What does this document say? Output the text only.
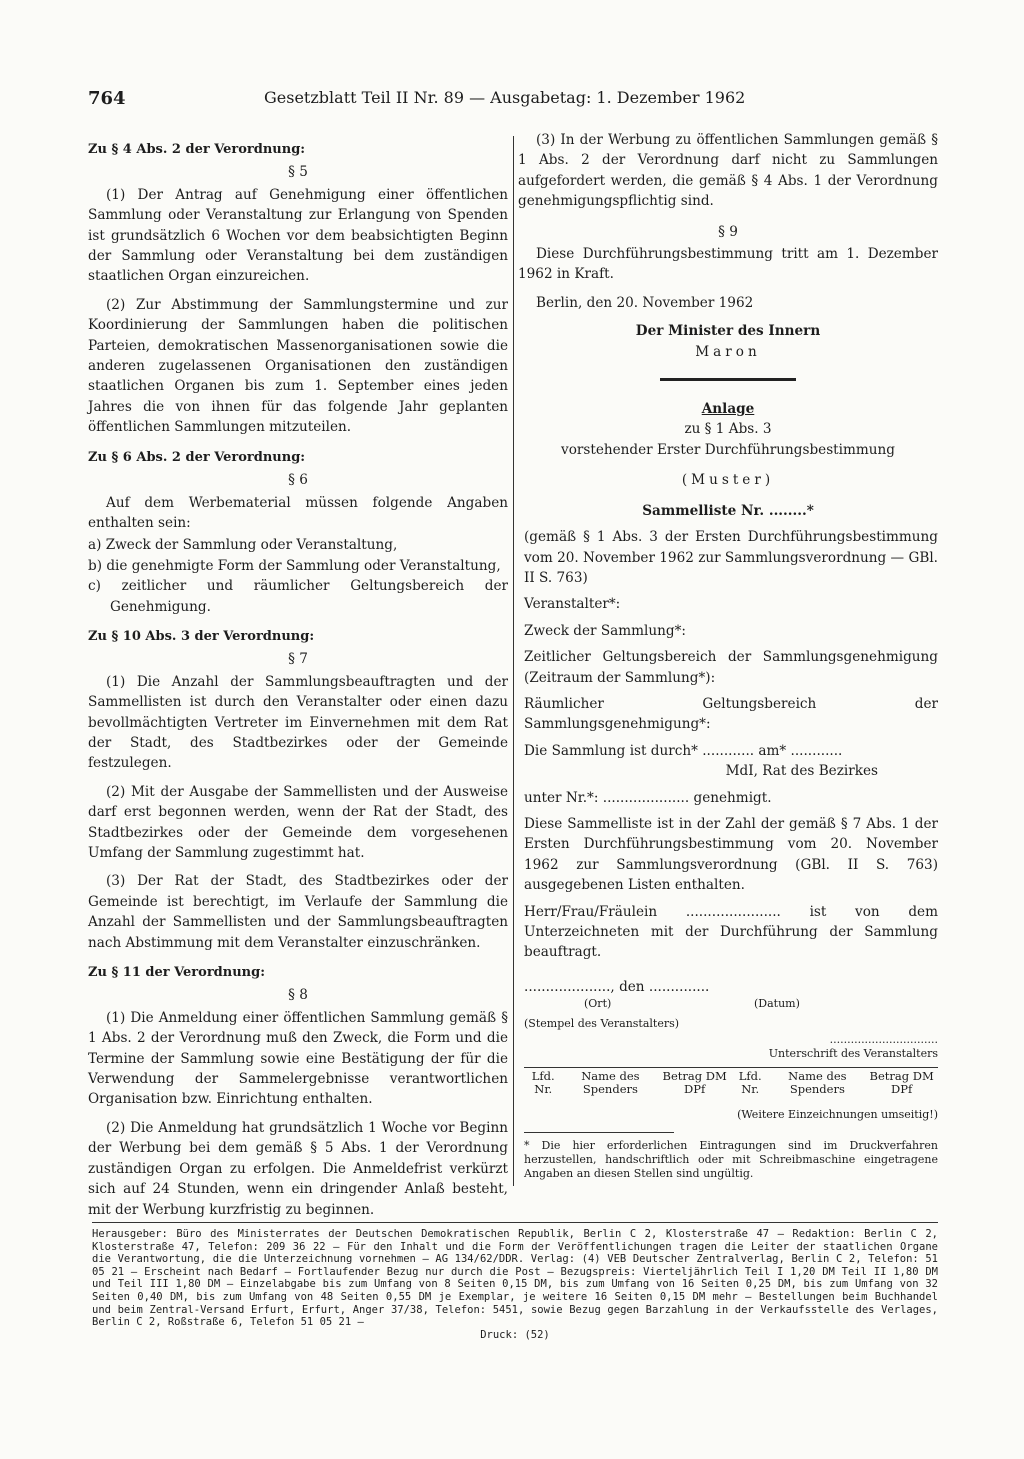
764	Gesetzblatt Teil II Nr. 89 — Ausgabetag: 1. Dezember 1962
Zu § 4 Abs. 2 der Verordnung:
§ 5

(1) Der Antrag auf Genehmigung einer öffentlichen Sammlung oder Veranstaltung zur Erlangung von Spenden ist grundsätzlich 6 Wochen vor dem beabsichtigten Beginn der Sammlung oder Veranstaltung bei dem zuständigen staatlichen Organ einzureichen.

(2) Zur Abstimmung der Sammlungstermine und zur Koordinierung der Sammlungen haben die politischen Parteien, demokratischen Massenorganisationen sowie die anderen zugelassenen Organisationen den zuständigen staatlichen Organen bis zum 1. September eines jeden Jahres die von ihnen für das folgende Jahr geplanten öffentlichen Sammlungen mitzuteilen.

Zu § 6 Abs. 2 der Verordnung:
§ 6

Auf dem Werbematerial müssen folgende Angaben enthalten sein:

a) Zweck der Sammlung oder Veranstaltung,

b) die genehmigte Form der Sammlung oder Veranstaltung,

c) zeitlicher und räumlicher Geltungsbereich der Genehmigung.

Zu § 10 Abs. 3 der Verordnung:
§ 7

(1) Die Anzahl der Sammlungsbeauftragten und der Sammellisten ist durch den Veranstalter oder einen dazu bevollmächtigten Vertreter im Einvernehmen mit dem Rat der Stadt, des Stadtbezirkes oder der Gemeinde festzulegen.

(2) Mit der Ausgabe der Sammellisten und der Ausweise darf erst begonnen werden, wenn der Rat der Stadt, des Stadtbezirkes oder der Gemeinde dem vorgesehenen Umfang der Sammlung zugestimmt hat.

(3) Der Rat der Stadt, des Stadtbezirkes oder der Gemeinde ist berechtigt, im Verlaufe der Sammlung die Anzahl der Sammellisten und der Sammlungsbeauftragten nach Abstimmung mit dem Veranstalter einzuschränken.

Zu § 11 der Verordnung:
§ 8

(1) Die Anmeldung einer öffentlichen Sammlung gemäß § 1 Abs. 2 der Verordnung muß den Zweck, die Form und die Termine der Sammlung sowie eine Bestätigung der für die Verwendung der Sammelergebnisse verantwortlichen Organisation bzw. Einrichtung enthalten.

(2) Die Anmeldung hat grundsätzlich 1 Woche vor Beginn der Werbung bei dem gemäß § 5 Abs. 1 der Verordnung zuständigen Organ zu erfolgen. Die Anmeldefrist verkürzt sich auf 24 Stunden, wenn ein dringender Anlaß besteht, mit der Werbung kurzfristig zu beginnen.

(3) In der Werbung zu öffentlichen Sammlungen gemäß § 1 Abs. 2 der Verordnung darf nicht zu Sammlungen aufgefordert werden, die gemäß § 4 Abs. 1 der Verordnung genehmigungspflichtig sind.

§ 9

Diese Durchführungsbestimmung tritt am 1. Dezember 1962 in Kraft.

Berlin, den 20. November 1962

Der Minister des Innern
Maron
Anlage
zu § 1 Abs. 3
vorstehender Erster Durchführungsbestimmung
(Muster)
Sammelliste Nr. ........*
(gemäß § 1 Abs. 3 der Ersten Durchführungsbestimmung vom 20. November 1962 zur Sammlungsverordnung — GBl. II S. 763)
Veranstalter*:
Zweck der Sammlung*:
Zeitlicher Geltungsbereich der Sammlungsgenehmigung (Zeitraum der Sammlung*):
Räumlicher Geltungsbereich der Sammlungsgenehmigung*:
Die Sammlung ist durch* ............ am* ............
MdI, Rat des Bezirkes
unter Nr.*: .................... genehmigt.
Diese Sammelliste ist in der Zahl der gemäß § 7 Abs. 1 der Ersten Durchführungsbestimmung vom 20. November 1962 zur Sammlungsverordnung (GBl. II S. 763) ausgegebenen Listen enthalten.
Herr/Frau/Fräulein ...................... ist von dem Unterzeichneten mit der Durchführung der Sammlung beauftragt.
...................., den ..............
(Ort)	(Datum)
(Stempel des Veranstalters)
...............................
Unterschrift des Veranstalters
Lfd. Nr.	Name des Spenders	Betrag DM DPf	Lfd. Nr.	Name des Spenders	Betrag DM DPf
(Weitere Einzeichnungen umseitig!)
* Die hier erforderlichen Eintragungen sind im Druckverfahren herzustellen, handschriftlich oder mit Schreibmaschine eingetragene Angaben an diesen Stellen sind ungültig.
Herausgeber: Büro des Ministerrates der Deutschen Demokratischen Republik, Berlin C 2, Klosterstraße 47 — Redaktion: Berlin C 2, Klosterstraße 47, Telefon: 209 36 22 — Für den Inhalt und die Form der Veröffentlichungen tragen die Leiter der staatlichen Organe die Verantwortung, die die Unterzeichnung vornehmen — AG 134/62/DDR. Verlag: (4) VEB Deutscher Zentralverlag, Berlin C 2, Telefon: 51 05 21 — Erscheint nach Bedarf — Fortlaufender Bezug nur durch die Post — Bezugspreis: Vierteljährlich Teil I 1,20 DM Teil II 1,80 DM und Teil III 1,80 DM — Einzelabgabe bis zum Umfang von 8 Seiten 0,15 DM, bis zum Umfang von 16 Seiten 0,25 DM, bis zum Umfang von 32 Seiten 0,40 DM, bis zum Umfang von 48 Seiten 0,55 DM je Exemplar, je weitere 16 Seiten 0,15 DM mehr — Bestellungen beim Buchhandel und beim Zentral-Versand Erfurt, Erfurt, Anger 37/38, Telefon: 5451, sowie Bezug gegen Barzahlung in der Verkaufsstelle des Verlages, Berlin C 2, Roßstraße 6, Telefon 51 05 21 —
Druck: (52)
